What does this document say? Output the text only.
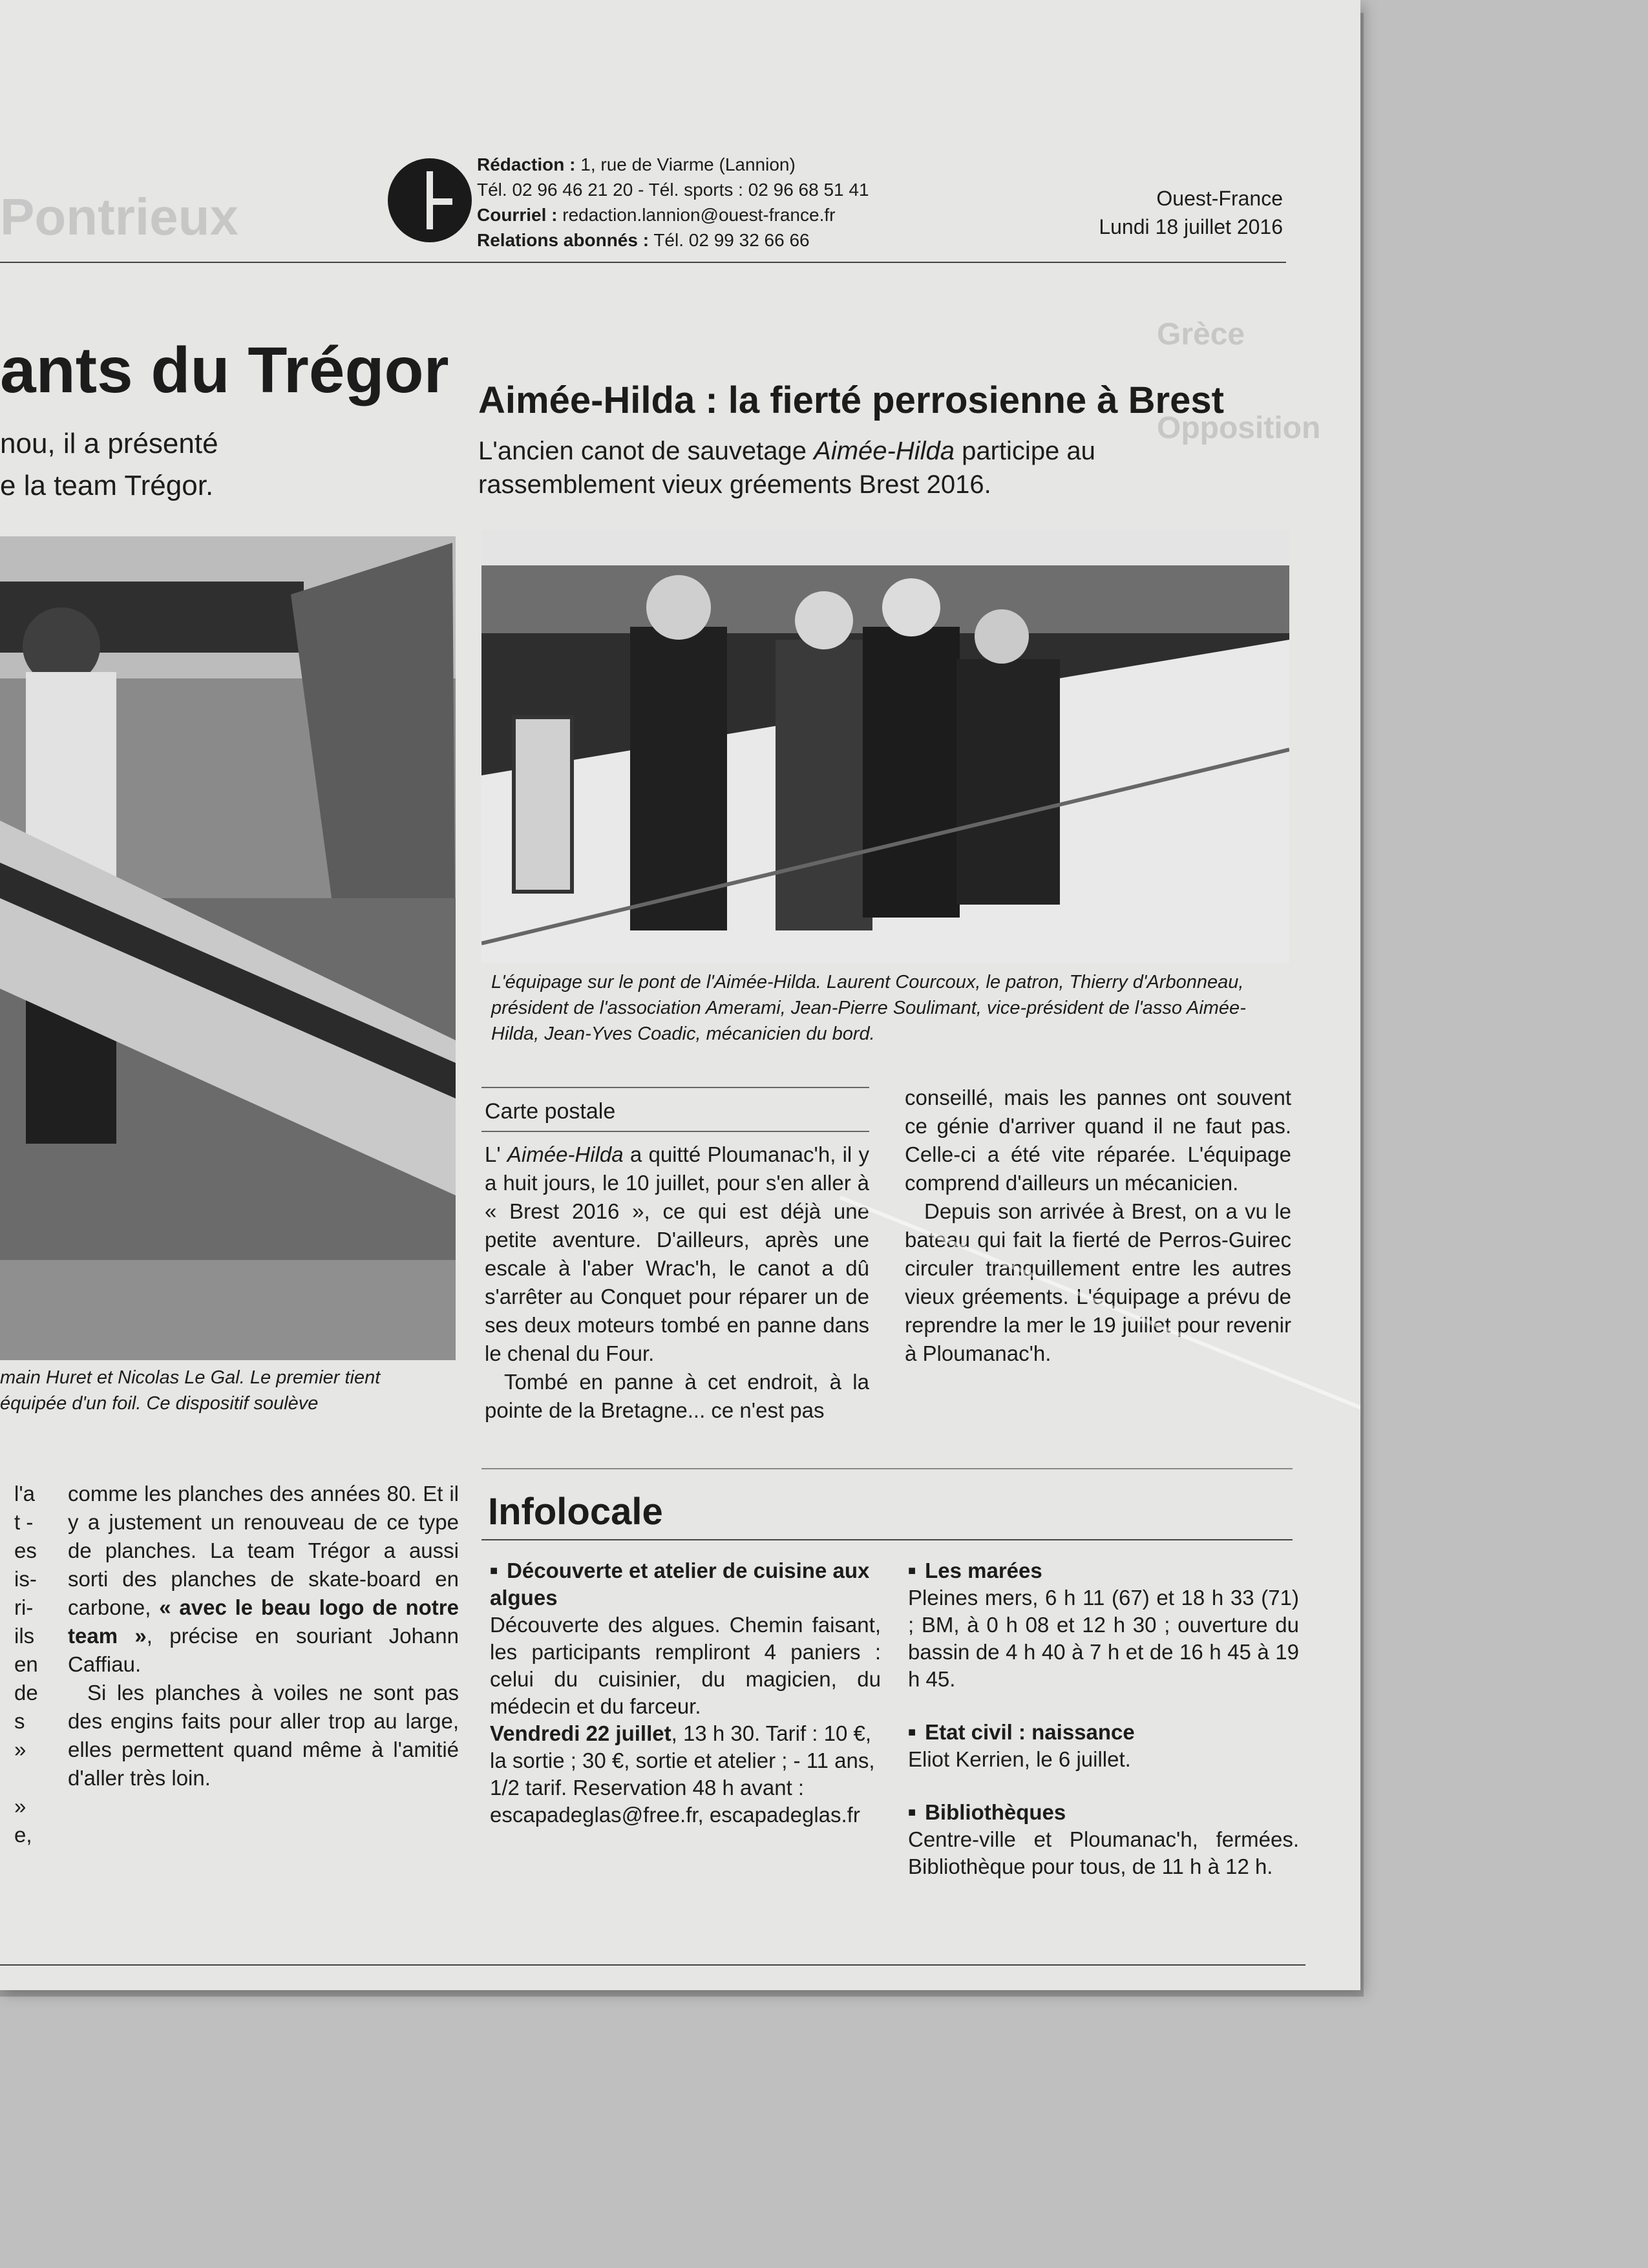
Pontrieux
Grèce
Opposition
Rédaction : 1, rue de Viarme (Lannion)
Tél. 02 96 46 21 20 - Tél. sports : 02 96 68 51 41
Courriel : redaction.lannion@ouest-france.fr
Relations abonnés : Tél. 02 99 32 66 66
Ouest-France
Lundi 18 juillet 2016
ants du Trégor
nou, il a présenté
e la team Trégor.
main Huret et Nicolas Le Gal. Le premier tient
équipée d'un foil. Ce dispositif soulève
l'a
t -
es
is-
ri-
ils
en
de
s »
»
e,

comme les planches des années 80. Et il y a justement un renouveau de ce type de planches. La team Trégor a aussi sorti des planches de skate-board en carbone, « avec le beau logo de notre team », précise en souriant Johann Caffiau.

Si les planches à voiles ne sont pas des engins faits pour aller trop au large, elles permettent quand même à l'amitié d'aller très loin.

Aimée-Hilda : la fierté perrosienne à Brest
L'ancien canot de sauvetage Aimée-Hilda participe au rassemblement vieux gréements Brest 2016.
L'équipage sur le pont de l'Aimée-Hilda. Laurent Courcoux, le patron, Thierry d'Arbonneau, président de l'association Amerami, Jean-Pierre Soulimant, vice-président de l'asso Aimée-Hilda, Jean-Yves Coadic, mécanicien du bord.
Carte postale

L' Aimée-Hilda a quitté Ploumanac'h, il y a huit jours, le 10 juillet, pour s'en aller à « Brest 2016 », ce qui est déjà une petite aventure. D'ailleurs, après une escale à l'aber Wrac'h, le canot a dû s'arrêter au Conquet pour réparer un de ses deux moteurs tombé en panne dans le chenal du Four.

Tombé en panne à cet endroit, à la pointe de la Bretagne... ce n'est pas

conseillé, mais les pannes ont souvent ce génie d'arriver quand il ne faut pas. Celle-ci a été vite réparée. L'équipage comprend d'ailleurs un mécanicien.

Depuis son arrivée à Brest, on a vu le bateau qui fait la fierté de Perros-Guirec circuler tranquillement entre les autres vieux gréements. L'équipage a prévu de reprendre la mer le 19 juillet pour revenir à Ploumanac'h.

Infolocale
■ Découverte et atelier de cuisine aux algues
Découverte des algues. Chemin faisant, les participants rempliront 4 paniers : celui du cuisinier, du magicien, du médecin et du farceur.
Vendredi 22 juillet, 13 h 30. Tarif : 10 €, la sortie ; 30 €, sortie et atelier ; - 11 ans, 1/2 tarif. Reservation 48 h avant : escapadeglas@free.fr, escapadeglas.fr
■ Les marées
Pleines mers, 6 h 11 (67) et 18 h 33 (71) ; BM, à 0 h 08 et 12 h 30 ; ouverture du bassin de 4 h 40 à 7 h et de 16 h 45 à 19 h 45.
■ Etat civil : naissance
Eliot Kerrien, le 6 juillet.
■ Bibliothèques
Centre-ville et Ploumanac'h, fermées. Bibliothèque pour tous, de 11 h à 12 h.
